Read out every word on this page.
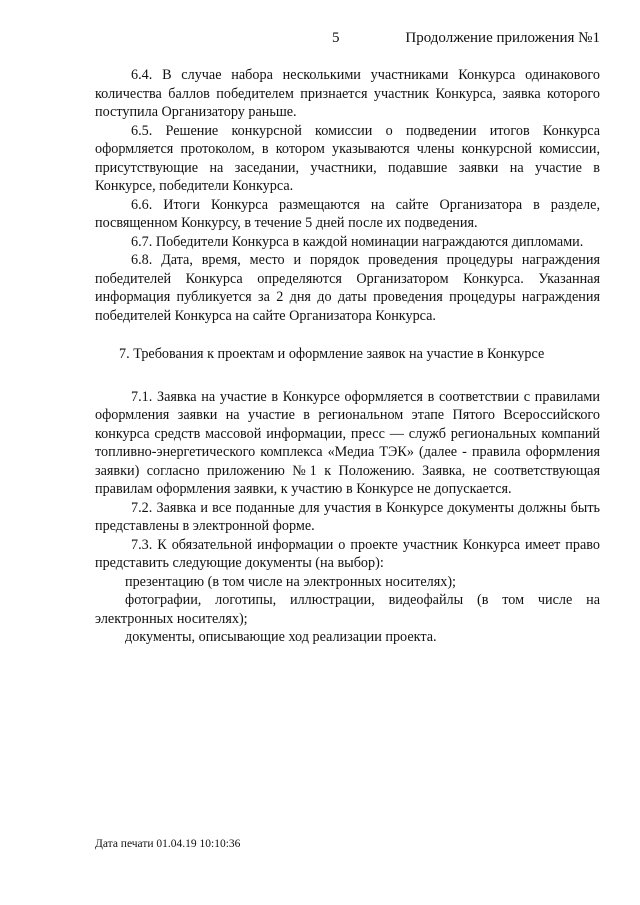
5	Продолжение приложения №1

6.4. В случае набора несколькими участниками Конкурса одинакового количества баллов победителем признается участник Конкурса, заявка которого поступила Организатору раньше.

6.5. Решение конкурсной комиссии о подведении итогов Конкурса оформляется протоколом, в котором указываются члены конкурсной комиссии, присутствующие на заседании, участники, подавшие заявки на участие в Конкурсе, победители Конкурса.

6.6. Итоги Конкурса размещаются на сайте Организатора в разделе, посвященном Конкурсу, в течение 5 дней после их подведения.

6.7. Победители Конкурса в каждой номинации награждаются дипломами.

6.8. Дата, время, место и порядок проведения процедуры награждения победителей Конкурса определяются Организатором Конкурса. Указанная информация публикуется за 2 дня до даты проведения процедуры награждения победителей Конкурса на сайте Организатора Конкурса.

7. Требования к проектам и оформление заявок на участие в Конкурсе

7.1. Заявка на участие в Конкурсе оформляется в соответствии с правилами оформления заявки на участие в региональном этапе Пятого Всероссийского конкурса средств массовой информации, пресс — служб региональных компаний топливно-энергетического комплекса «Медиа ТЭК» (далее - правила оформления заявки) согласно приложению №1 к Положению. Заявка, не соответствующая правилам оформления заявки, к участию в Конкурсе не допускается.

7.2. Заявка и все поданные для участия в Конкурсе документы должны быть представлены в электронной форме.

7.3. К обязательной информации о проекте участник Конкурса имеет право представить следующие документы (на выбор):

презентацию (в том числе на электронных носителях);

фотографии, логотипы, иллюстрации, видеофайлы (в том числе на электронных носителях);

документы, описывающие ход реализации проекта.

Дата печати 01.04.19 10:10:36
